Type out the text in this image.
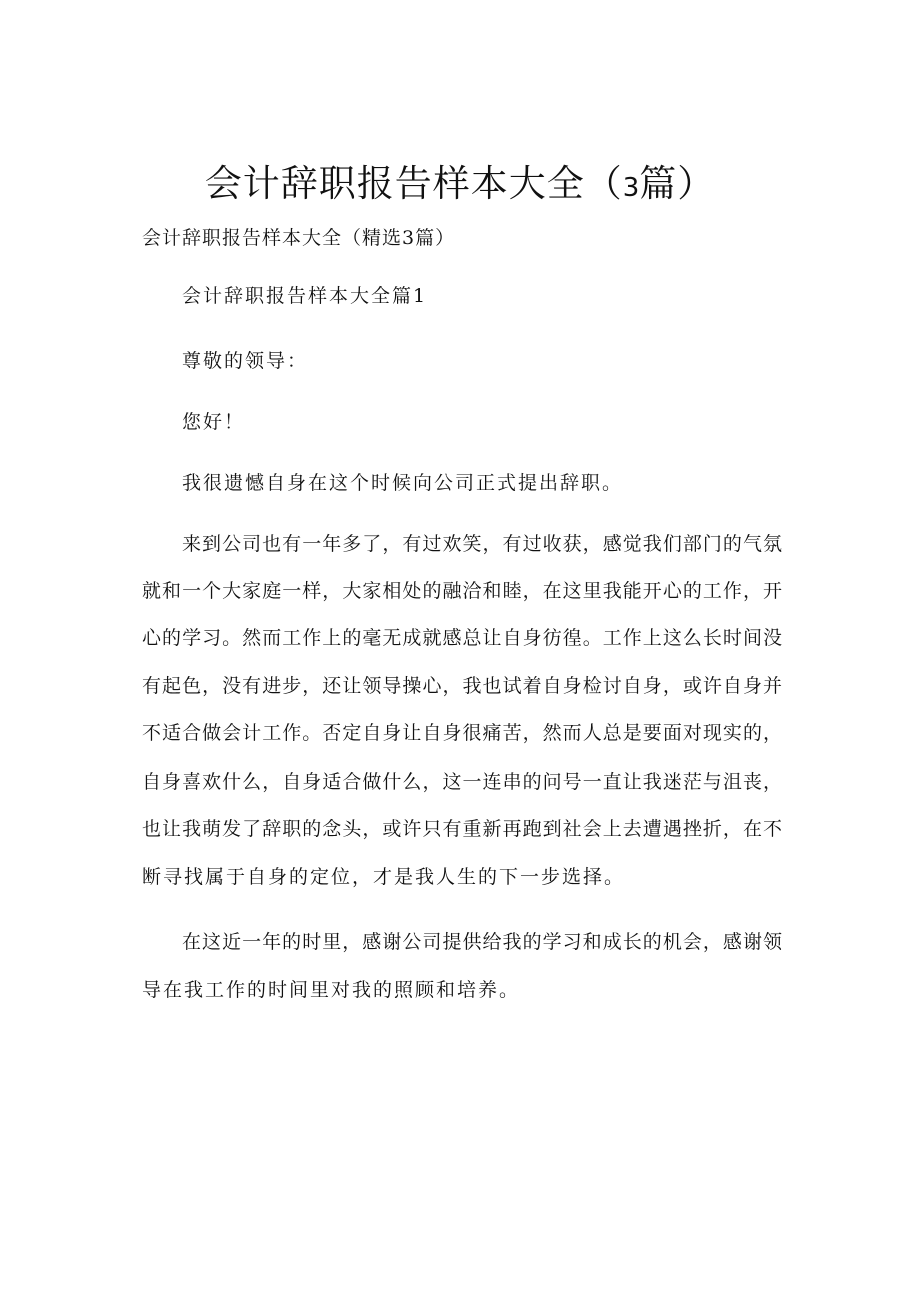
会计辞职报告样本大全（3篇）
会计辞职报告样本大全（精选3篇）
会计辞职报告样本大全篇1
尊敬的领导：
您好！
我很遗憾自身在这个时候向公司正式提出辞职。
来到公司也有一年多了，有过欢笑，有过收获，感觉我们部门的气氛
就和一个大家庭一样，大家相处的融洽和睦，在这里我能开心的工作，开
心的学习。然而工作上的毫无成就感总让自身彷徨。工作上这么长时间没
有起色，没有进步，还让领导操心，我也试着自身检讨自身，或许自身并
不适合做会计工作。否定自身让自身很痛苦，然而人总是要面对现实的，
自身喜欢什么，自身适合做什么，这一连串的问号一直让我迷茫与沮丧，
也让我萌发了辞职的念头，或许只有重新再跑到社会上去遭遇挫折，在不
断寻找属于自身的定位，才是我人生的下一步选择。
在这近一年的时里，感谢公司提供给我的学习和成长的机会，感谢领
导在我工作的时间里对我的照顾和培养。
